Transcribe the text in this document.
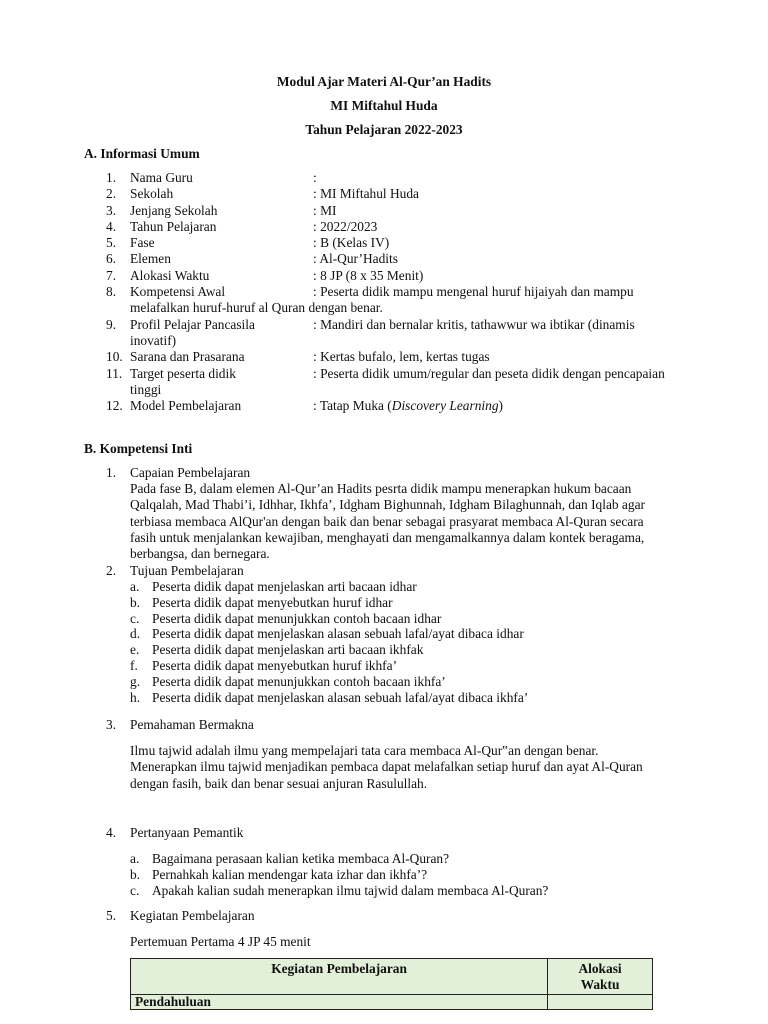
Modul Ajar Materi Al-Qur’an Hadits
MI Miftahul Huda
Tahun Pelajaran 2022-2023
A. Informasi Umum
1.	Nama Guru	:
2.	Sekolah	: MI Miftahul Huda
3.	Jenjang Sekolah	: MI
4.	Tahun Pelajaran	: 2022/2023
5.	Fase	: B (Kelas IV)
6.	Elemen	: Al-Qur’Hadits
7.	Alokasi Waktu	: 8 JP (8 x 35 Menit)
8.	Kompetensi Awal	: Peserta didik mampu mengenal huruf hijaiyah dan mampu
melafalkan huruf-huruf al Quran dengan benar.
9.	Profil Pelajar Pancasila	: Mandiri dan bernalar kritis, tathawwur wa ibtikar (dinamis
inovatif)
10. Sarana dan Prasarana	: Kertas bufalo, lem, kertas tugas
11. Target peserta didik	: Peserta didik umum/regular dan peseta didik dengan pencapaian
tinggi
12. Model Pembelajaran	: Tatap Muka (Discovery Learning)
B. Kompetensi Inti
1. Capaian Pembelajaran
Pada fase B, dalam elemen Al-Qur’an Hadits pesrta didik mampu menerapkan hukum bacaan
Qalqalah, Mad Thabi’i, Idhhar, Ikhfa’, Idgham Bighunnah, Idgham Bilaghunnah, dan Iqlab agar
terbiasa membaca AlQur'an dengan baik dan benar sebagai prasyarat membaca Al-Quran secara
fasih untuk menjalankan kewajiban, menghayati dan mengamalkannya dalam kontek beragama,
berbangsa, dan bernegara.
2. Tujuan Pembelajaran
a. Peserta didik dapat menjelaskan arti bacaan idhar
b. Peserta didik dapat menyebutkan huruf idhar
c. Peserta didik dapat menunjukkan contoh bacaan idhar
d. Peserta didik dapat menjelaskan alasan sebuah lafal/ayat dibaca idhar
e. Peserta didik dapat menjelaskan arti bacaan ikhfak
f.	Peserta didik dapat menyebutkan huruf ikhfa’
g. Peserta didik dapat menunjukkan contoh bacaan ikhfa’
h. Peserta didik dapat menjelaskan alasan sebuah lafal/ayat dibaca ikhfa’
3. Pemahaman Bermakna
Ilmu tajwid adalah ilmu yang mempelajari tata cara membaca Al-Qur‟an dengan benar.
Menerapkan ilmu tajwid menjadikan pembaca dapat melafalkan setiap huruf dan ayat Al-Quran
dengan fasih, baik dan benar sesuai anjuran Rasulullah.
4. Pertanyaan Pemantik
a. Bagaimana perasaan kalian ketika membaca Al-Quran?
b. Pernahkah kalian mendengar kata izhar dan ikhfa’?
c. Apakah kalian sudah menerapkan ilmu tajwid dalam membaca Al-Quran?
5. Kegiatan Pembelajaran
Pertemuan Pertama 4 JP 45 menit
Kegiatan Pembelajaran	Alokasi
Waktu

Pendahuluan	
